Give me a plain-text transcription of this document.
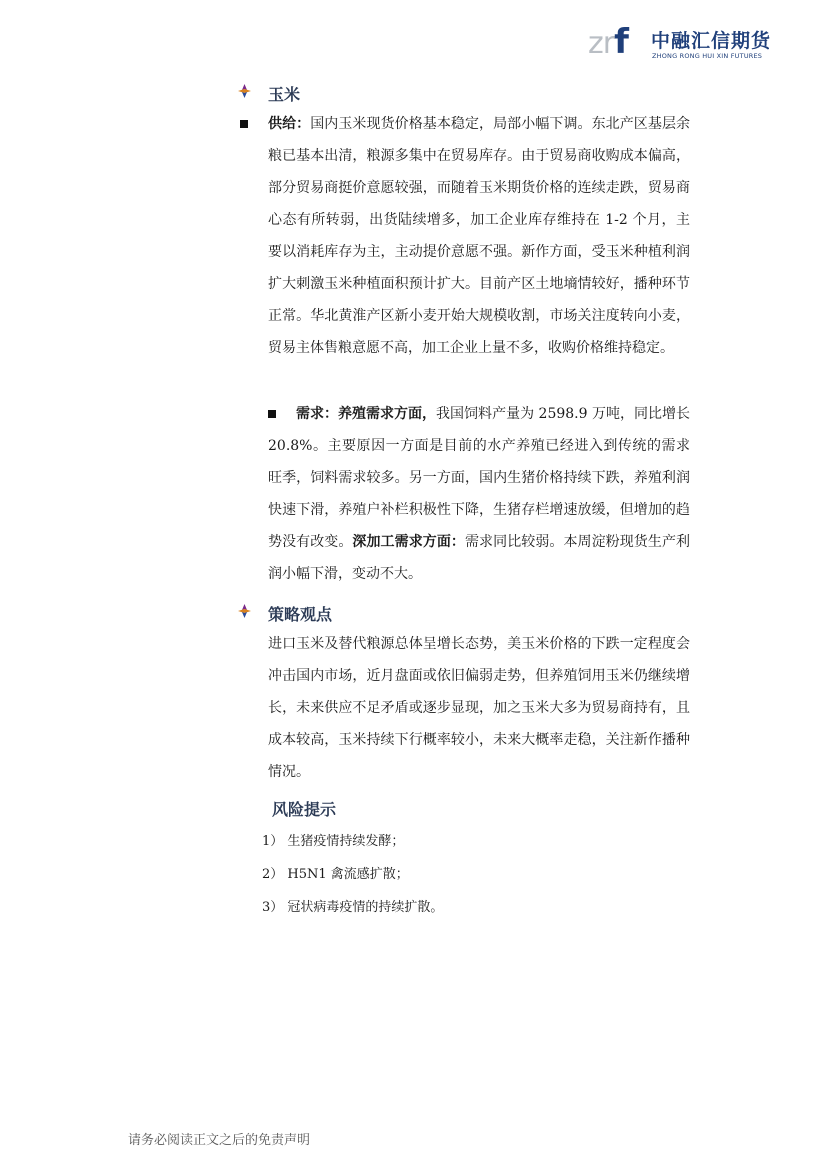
zrf 中融汇信期货
ZHONG RONG HUI XIN FUTURES
玉米

供给：国内玉米现货价格基本稳定，局部小幅下调。东北产区基层余粮已基本出清，粮源多集中在贸易库存。由于贸易商收购成本偏高，部分贸易商挺价意愿较强，而随着玉米期货价格的连续走跌，贸易商心态有所转弱，出货陆续增多，加工企业库存维持在 1-2 个月，主要以消耗库存为主，主动提价意愿不强。新作方面，受玉米种植利润扩大刺激玉米种植面积预计扩大。目前产区土地墒情较好，播种环节正常。华北黄淮产区新小麦开始大规模收割，市场关注度转向小麦，贸易主体售粮意愿不高，加工企业上量不多，收购价格维持稳定。

需求：养殖需求方面，我国饲料产量为 2598.9 万吨，同比增长 20.8%。主要原因一方面是目前的水产养殖已经进入到传统的需求旺季，饲料需求较多。另一方面，国内生猪价格持续下跌，养殖利润快速下滑，养殖户补栏积极性下降，生猪存栏增速放缓，但增加的趋势没有改变。深加工需求方面：需求同比较弱。本周淀粉现货生产利润小幅下滑，变动不大。

策略观点

进口玉米及替代粮源总体呈增长态势，美玉米价格的下跌一定程度会冲击国内市场，近月盘面或依旧偏弱走势，但养殖饲用玉米仍继续增长，未来供应不足矛盾或逐步显现，加之玉米大多为贸易商持有，且成本较高，玉米持续下行概率较小，未来大概率走稳，关注新作播种情况。

风险提示
1） 生猪疫情持续发酵；
2） H5N1 禽流感扩散；
3） 冠状病毒疫情的持续扩散。
请务必阅读正文之后的免责声明
